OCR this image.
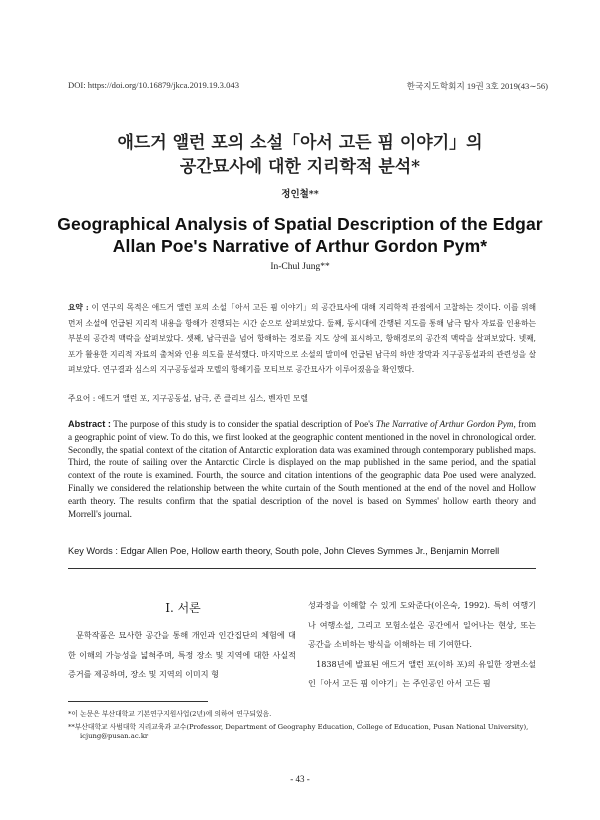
DOI: https://doi.org/10.16879/jkca.2019.19.3.043	한국지도학회지 19권 3호 2019(43∼56)
애드거 앨런 포의 소설「아서 고든 핌 이야기」의
공간묘사에 대한 지리학적 분석*
정인철**
Geographical Analysis of Spatial Description of the Edgar
Allan Poe's Narrative of Arthur Gordon Pym*
In-Chul Jung**
요약 : 이 연구의 목적은 애드거 앨런 포의 소설「아서 고든 핌 이야기」의 공간묘사에 대해 지리학적 관점에서 고찰하는 것이다. 이를 위해 먼저 소설에 언급된 지리적 내용을 항해가 진행되는 시간 순으로 살펴보았다. 둘째, 동시대에 간행된 지도를 통해 남극 탐사 자료를 인용하는 부분의 공간적 맥락을 살펴보았다. 셋째, 남극권을 넘어 항해하는 경로를 지도 상에 표시하고, 항해경로의 공간적 맥락을 살펴보았다. 넷째, 포가 활용한 지리적 자료의 출처와 인용 의도를 분석했다. 마지막으로 소설의 말미에 언급된 남극의 하얀 장막과 지구공동설과의 관련성을 살펴보았다. 연구결과 심스의 지구공동설과 모렐의 항해기를 모티브로 공간묘사가 이루어졌음을 확인했다.
주요어 : 애드거 앨런 포, 지구공동설, 남극, 존 클리브 심스, 벤자민 모렐
Abstract : The purpose of this study is to consider the spatial description of Poe's The Narrative of Arthur Gordon Pym, from a geographic point of view. To do this, we first looked at the geographic content mentioned in the novel in chronological order. Secondly, the spatial context of the citation of Antarctic exploration data was examined through contemporary published maps. Third, the route of sailing over the Antarctic Circle is displayed on the map published in the same period, and the spatial context of the route is examined. Fourth, the source and citation intentions of the geographic data Poe used were analyzed. Finally we considered the relationship between the white curtain of the South mentioned at the end of the novel and Hollow earth theory. The results confirm that the spatial description of the novel is based on Symmes' hollow earth theory and Morrell's journal.
Key Words : Edgar Allen Poe, Hollow earth theory, South pole, John Cleves Symmes Jr., Benjamin Morrell
I. 서론

문학작품은 묘사한 공간을 통해 개인과 인간집단의 체험에 대한 이해의 가능성을 넓혀주며, 특정 장소 및 지역에 대한 사실적 증거를 제공하며, 장소 및 지역의 이미지 형

성과정을 이해할 수 있게 도와준다(이은숙, 1992). 특히 여행기나 여행소설, 그리고 모험소설은 공간에서 일어나는 현상, 또는 공간을 소비하는 방식을 이해하는 데 기여한다.

1838년에 발표된 애드거 앨런 포(이하 포)의 유일한 장편소설인「아서 고든 핌 이야기」는 주인공인 아서 고든 핌

*이 논문은 부산대학교 기본연구지원사업(2년)에 의하여 연구되었음.
**부산대학교 사범대학 지리교육과 교수(Professor, Department of Geography Education, College of Education, Pusan National University),
icjung@pusan.ac.kr
- 43 -
